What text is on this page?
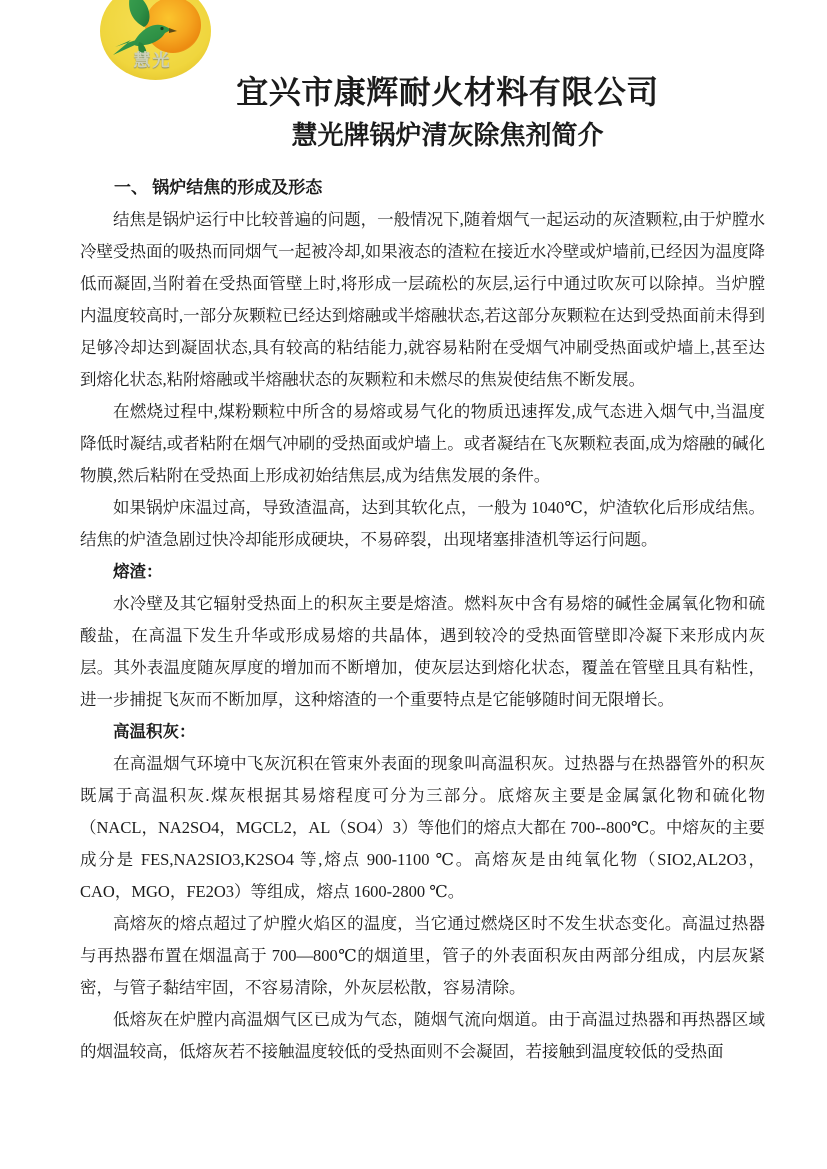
慧光
宜兴市康辉耐火材料有限公司
慧光牌锅炉清灰除焦剂简介
一、 锅炉结焦的形成及形态

结焦是锅炉运行中比较普遍的问题，一般情况下,随着烟气一起运动的灰渣颗粒,由于炉膛水冷壁受热面的吸热而同烟气一起被冷却,如果液态的渣粒在接近水冷壁或炉墙前,已经因为温度降低而凝固,当附着在受热面管壁上时,将形成一层疏松的灰层,运行中通过吹灰可以除掉。当炉膛内温度较高时,一部分灰颗粒已经达到熔融或半熔融状态,若这部分灰颗粒在达到受热面前未得到足够冷却达到凝固状态,具有较高的粘结能力,就容易粘附在受烟气冲刷受热面或炉墙上,甚至达到熔化状态,粘附熔融或半熔融状态的灰颗粒和未燃尽的焦炭使结焦不断发展。

在燃烧过程中,煤粉颗粒中所含的易熔或易气化的物质迅速挥发,成气态进入烟气中,当温度降低时凝结,或者粘附在烟气冲刷的受热面或炉墙上。或者凝结在飞灰颗粒表面,成为熔融的碱化物膜,然后粘附在受热面上形成初始结焦层,成为结焦发展的条件。

如果锅炉床温过高，导致渣温高，达到其软化点，一般为 1040℃，炉渣软化后形成结焦。结焦的炉渣急剧过快冷却能形成硬块，不易碎裂，出现堵塞排渣机等运行问题。

熔渣：

水冷壁及其它辐射受热面上的积灰主要是熔渣。燃料灰中含有易熔的碱性金属氧化物和硫酸盐，在高温下发生升华或形成易熔的共晶体，遇到较冷的受热面管壁即冷凝下来形成内灰层。其外表温度随灰厚度的增加而不断增加，使灰层达到熔化状态，覆盖在管壁且具有粘性，进一步捕捉飞灰而不断加厚，这种熔渣的一个重要特点是它能够随时间无限增长。

高温积灰：

在高温烟气环境中飞灰沉积在管束外表面的现象叫高温积灰。过热器与在热器管外的积灰既属于高温积灰.煤灰根据其易熔程度可分为三部分。底熔灰主要是金属氯化物和硫化物（NACL，NA2SO4，MGCL2，AL（SO4）3）等他们的熔点大都在 700--800℃。中熔灰的主要成分是 FES,NA2SIO3,K2SO4 等,熔点 900-1100 ℃。高熔灰是由纯氧化物（SIO2,AL2O3，CAO，MGO，FE2O3）等组成，熔点 1600-2800 ℃。

高熔灰的熔点超过了炉膛火焰区的温度，当它通过燃烧区时不发生状态变化。高温过热器与再热器布置在烟温高于 700—800℃的烟道里，管子的外表面积灰由两部分组成，内层灰紧密，与管子黏结牢固，不容易清除，外灰层松散，容易清除。

低熔灰在炉膛内高温烟气区已成为气态，随烟气流向烟道。由于高温过热器和再热器区域的烟温较高，低熔灰若不接触温度较低的受热面则不会凝固，若接触到温度较低的受热面
